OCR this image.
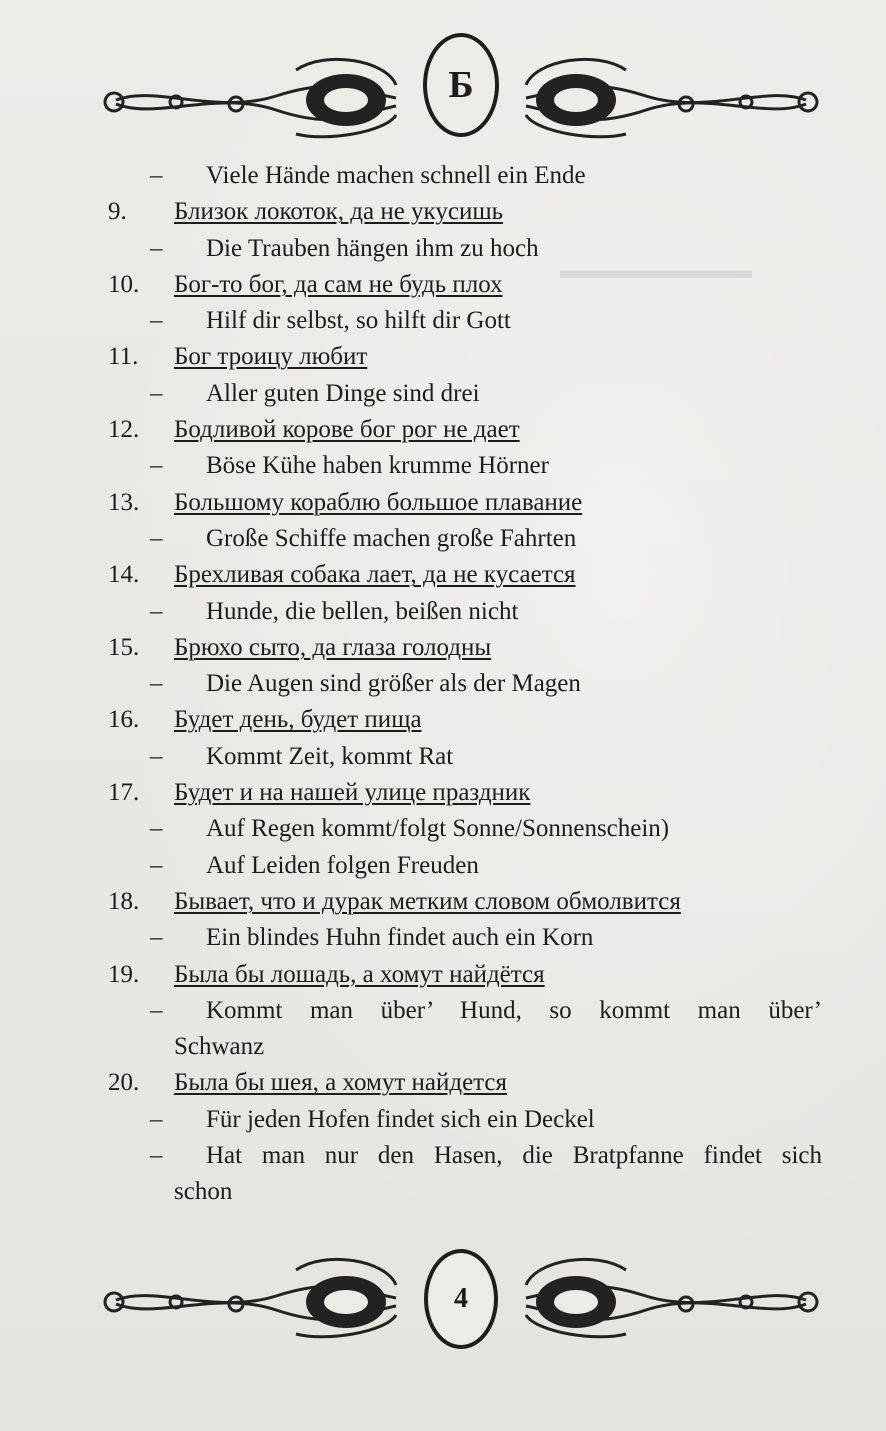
Б
▬▬▬▬▬▬▬▬
– Viele Hände machen schnell ein Ende
9. Близок локоток, да не укусишь
– Die Trauben hängen ihm zu hoch
10. Бог-то бог, да сам не будь плох
– Hilf dir selbst, so hilft dir Gott
11. Бог троицу любит
– Aller guten Dinge sind drei
12. Бодливой корове бог рог не дает
– Böse Kühe haben krumme Hörner
13. Большому кораблю большое плавание
– Große Schiffe machen große Fahrten
14. Брехливая собака лает, да не кусается
– Hunde, die bellen, beißen nicht
15. Брюхо сыто, да глаза голодны
– Die Augen sind größer als der Magen
16. Будет день, будет пища
– Kommt Zeit, kommt Rat
17. Будет и на нашей улице праздник
– Auf Regen kommt/folgt Sonne/Sonnenschein)
– Auf Leiden folgen Freuden
18. Бывает, что и дурак метким словом обмолвится
– Ein blindes Huhn findet auch ein Korn
19. Была бы лошадь, а хомут найдётся
– Kommt man über’ Hund, so kommt man über’
Schwanz
20. Была бы шея, а хомут найдется
– Für jeden Hofen findet sich ein Deckel
– Hat man nur den Hasen, die Bratpfanne findet sich
schon
4
